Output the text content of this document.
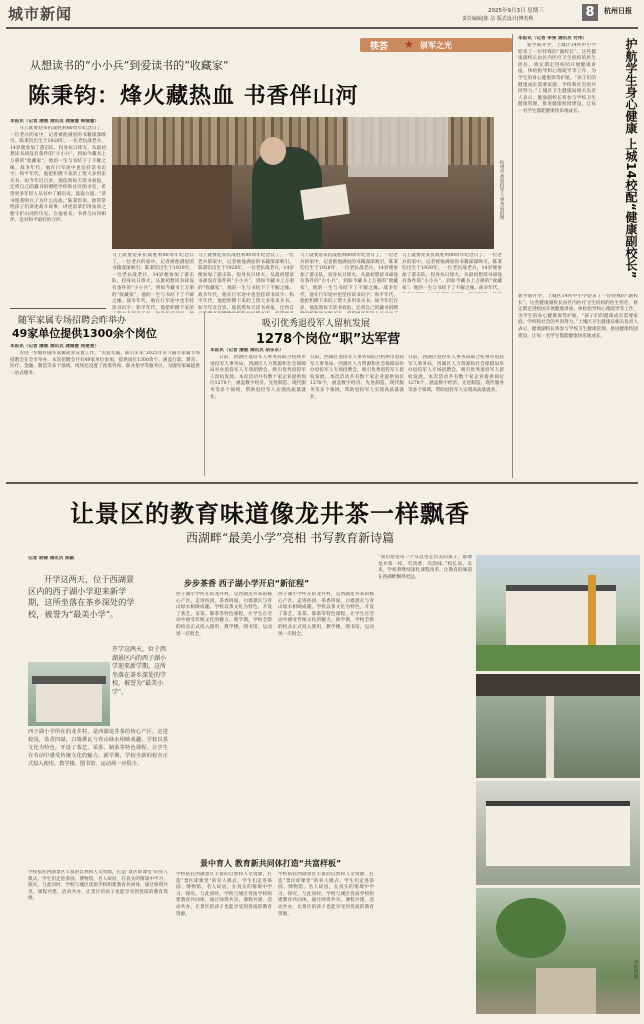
城市新闻	2025年9月3日 星期三
责任编辑|陈 洁 版式设计|傅若秋	8	杭州日报
筷荟 ★ 崇军之光
从想读书的“小小兵”到爱读书的“收藏家”
陈秉钧：烽火藏热血 书香伴山河
本报讯（记者 潘姚 通讯员 龚婧慧 韩婧慧）
马上就要迎来抗战胜利80周年纪念日了，一位老兵的家中，记者被他满屋的书籍深深吸引。陈秉钧出生于1928年，一位老抗战老兵，14岁便参加了游击队，投身抗日烽火。从最初想读书却没有条件的“小小兵”，到如今藏书上万册的“收藏家”，他的一生与书结下了不解之缘。战争年代，他在行军途中也坚持读书识字；和平年代，他把积攒下来的工资大多用来买书。如今年近百岁，他依然每天读书看报，还将自己的藏书捐赠给学校和社区图书室，希望更多年轻人从书中了解历史、汲取力量。“读书使我明白了为什么而战。”陈秉钧说。他常常给孩子们讲述战斗故事，讲述前辈们用血肉之躯守护山河的历史。在他看来，书香与山河相伴，是对和平最好的守护。
杭州市委退役军人事务局供图
马上就要迎来抗战胜利80周年纪念日了，一位老兵的家中，记者被他满屋的书籍深深吸引。陈秉钧出生于1928年，一位老抗战老兵，14岁便参加了游击队，投身抗日烽火。从最初想读书却没有条件的“小小兵”，到如今藏书上万册的“收藏家”，他的一生与书结下了不解之缘。战争年代，他在行军途中也坚持读书识字；和平年代，他把积攒下来的
马上就要迎来抗战胜利80周年纪念日了，一位老兵的家中，记者被他满屋的书籍深深吸引。陈秉钧出生于1928年，一位老抗战老兵，14岁便参加了游击队，投身抗日烽火。从最初想读书却没有条件的“小小兵”，到如今藏书上万册的“收藏家”，他的一生与书结下了不解之缘。战争年代，他在行军途中也坚持读书识字；和平年代，他把积攒下来的工资大多用来买书。如今年近百岁，他依然每天读书看报，还将自
马上就要迎来抗战胜利80周年纪念日了，一位老兵的家中，记者被他满屋的书籍深深吸引。陈秉钧出生于1928年，一位老抗战老兵，14岁便参加了游击队，投身抗日烽火。从最初想读书却没有条件的“小小兵”，到如今藏书上万册的“收藏家”，他的一生与书结下了不解之缘。战争年代，他在行军途中也坚持读书识字；和平年代，他把积攒下来的工资大多用来买书。如今年近百岁，他依然每天读书看报，还将自己的藏书捐赠
马上就要迎来抗战胜利80周年纪念日了，一位老兵的家中，记者被他满屋的书籍深深吸引。陈秉钧出生于1928年，一位老抗战老兵，14岁便参加了游击队，投身抗日烽火。从最初想读书却没有条件的“小小兵”，到如今藏书上万册的“收藏家”，他的一生与书结下了不解之缘。战争年代，
随军家属专场招聘会昨举办
49家单位提供1300余个岗位
本报讯（记者 潘姚 通讯员 龚婧慧 杨楚楚）
为进一步做好随军家属就业安置工作，“关爱军属，职引未来”2025年军人随军家属专场招聘会在全市举办。本次招聘会共有49家单位参加，提供岗位1300余个，涵盖行政、教育、医疗、金融、制造等多个领域。现场还设置了政策咨询、职业指导等服务区，为随军家属提供一站式服务。
吸引优秀退役军人留杭发展
1278个岗位“职”达军营
本报讯（记者 潘姚 通讯员 胡东东）
日前，西湖区退役军人事务局联合杭州市退役军人事务局，西湖区人力资源和社会保障局举办退役军人专场招聘会，吸引优秀退役军人留杭发展。本次活动共有数十家企业提供岗位1278个，涵盖数字经济、先进制造、现代服务等多个领域，帮助退役军人实现高质量就业。
日前，西湖区退役军人事务局联合杭州市退役军人事务局，西湖区人力资源和社会保障局举办退役军人专场招聘会，吸引优秀退役军人留杭发展。本次活动共有数十家企业提供岗位1278个，涵盖数字经济、先进制造、现代服务等多个领域，帮助退役军人实现高质量就业。
日前，西湖区退役军人事务局联合杭州市退役军人事务局，西湖区人力资源和社会保障局举办退役军人专场招聘会，吸引优秀退役军人留杭发展。本次活动共有数十家企业提供岗位1278个，涵盖数字经济、先进制造、现代服务等多个领域，帮助退役军人实现高质量就业。
本报讯（记者 李斐 通讯员 付伟）
新学期开学，上城区14所中小学迎来了一位特殊的“副校长”。这些健康副校长由区内医疗卫生机构的医生担任，将定期走进校园开展健康讲座、体检指导和心理疏导等工作，为学生的身心健康保驾护航。“孩子们的健康成长需要家庭、学校和社会的共同努力。”上城区卫生健康局相关负责人表示，健康副校长将参与学校卫生健康管理，推进健康校园建设，让每一名学生都能健康快乐地成长。	护航学生身心健康 上城14校配“健康副校长”
新学期开学，上城区14所中小学迎来了一位特殊的“副校长”。这些健康副校长由区内医疗卫生机构的医生担任，将定期走进校园开展健康讲座、体检指导和心理疏导等工作，为学生的身心健康保驾护航。“孩子们的健康成长需要家庭、学校和社会的共同努力。”上城区卫生健康局相关负责人表示，健康副校长将参与学校卫生健康管理，推进健康校园建设，让每一名学生都能健康快乐地成长。
让景区的教育味道像龙井茶一样飘香
西湖畔“最美小学”亮相 书写教育新诗篇
记者 胡婧 通讯员 陈颖
开学这两天，位于西湖景区内的西子湖小学迎来新学期，这所坐落在茶乡深处的学校，被誉为“最美小学”。
开学这两天，位于西湖景区内的西子湖小学迎来新学期，这所坐落在茶乡深处的学校，被誉为“最美小学”。
西子湖小学所在的龙井村，是西湖龙井茶的核心产区。走进校园，茶香四溢，白墙黛瓦与青山绿水相映成趣。学校以茶文化为特色，开设了茶艺、采茶、制茶等特色课程，让学生在劳动中感受传统文化的魅力。新学期，学校全新的校舍正式投入使用，教学楼、图书馆、运动场一应俱全。
步步茶香 西子湖小学开启“新征程”
西子湖小学所在的龙井村，是西湖龙井茶的核心产区。走进校园，茶香四溢，白墙黛瓦与青山绿水相映成趣。学校以茶文化为特色，开设了茶艺、采茶、制茶等特色课程，让学生在劳动中感受传统文化的魅力。新学期，学校全新的校舍正式投入使用，教学楼、图书馆、运动场一应俱全。
西子湖小学所在的龙井村，是西湖龙井茶的核心产区。走进校园，茶香四溢，白墙黛瓦与青山绿水相映成趣。学校以茶文化为特色，开设了茶艺、采茶、制茶等特色课程，让学生在劳动中感受传统文化的魅力。新学期，学校全新的校舍正式投入使用，教学楼、图书馆、运动场一应俱全。
景中育人 教育新共同体打造“共富样板”
学校依托西湖景区丰富的自然和人文资源，打造“景区即课堂”的育人模式。学生们走进茶园、博物馆、名人故居，在真实的情境中学习、探究。与此同时，学校与城区优质学校组建教育共同体，通过师资共享、课程共建、活动共办，让景区的孩子也能享受到优质的教育资源。
学校依托西湖景区丰富的自然和人文资源，打造“景区即课堂”的育人模式。学生们走进茶园、博物馆、名人故居，在真实的情境中学习、探究。与此同时，学校与城区优质学校组建教育共同体，通过师资共享、课程共建、活动共办，让景区的孩子也能享受到优质的教育资源。
学校依托西湖景区丰富的自然和人文资源，打造“景区即课堂”的育人模式。学生们走进茶园、博物馆、名人故居，在真实的情境中学习、探究。与此同时，学校与城区优质学校组建教育共同体，通过师资共享、课程共建、活动共办，让景区的孩子也能享受到优质的教育资源。
“我们希望每一个从这里走出去的孩子，都像龙井茶一样，有清香，有韵味。”校长说。未来，学校将继续深化课程改革，让教育的味道在西湖畔飘得更远。
学校供图
